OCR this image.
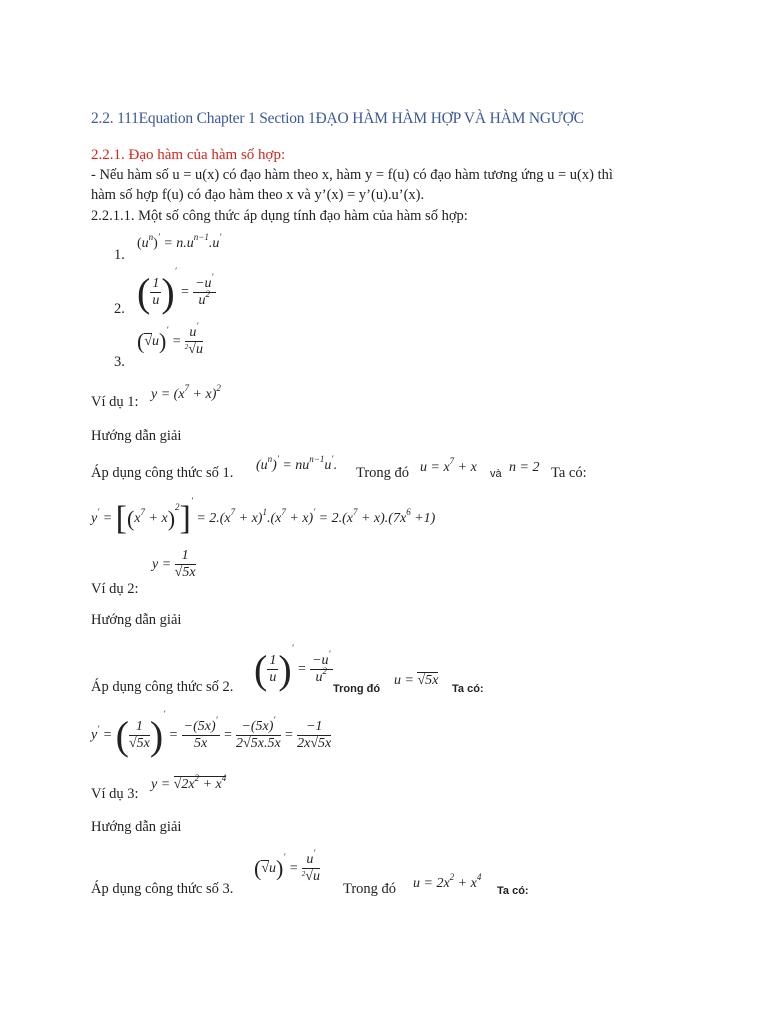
2.2. 111Equation Chapter 1 Section 1ĐẠO HÀM HÀM HỢP VÀ HÀM NGƯỢC
2.2.1. Đạo hàm của hàm số hợp:
- Nếu hàm số u = u(x) có đạo hàm theo x, hàm y = f(u) có đạo hàm tương ứng u = u(x) thì
hàm số hợp f(u) có đạo hàm theo x và y’(x) = y’(u).u’(x).
2.2.1.1. Một số công thức áp dụng tính đạo hàm của hàm số hợp:
1.
$(u^n)' = n.u^{n-1}.u'$
2. ( $\frac{1}{u} )' = \frac{-u'}{u^2}$
3.
$(√u)' = \frac{u'}{^2√u}$
Ví dụ 1: $y = (x^7 + x)^2$
Hướng dẫn giải
Áp dụng công thức số 1. $(u^n)' = nu^{n-1}u'$. Trong đó $u = x^7 + x$ và n = 2 Ta có:
$y' = [(x^7 + x)^2]' = 2.(x^7 + x)^1.(x^7 + x)' = 2.(x^7 + x).(7x^6 +1)$
$y = \frac{1}{√5x}$
Ví dụ 2:
Hướng dẫn giải
Áp dụng công thức số 2. ( $\frac{1}{u} )' = \frac{-u'}{u^2}$
Trong đó
u = √5x
Ta có:
y′ = ( $\frac{1}{√5x} )' = \frac{-(5x)'}{5x} = \frac{-(5x)'}{2√5x.5x} = \frac{-1}{2x√5x}$
Ví dụ 3:
$y = √2x^2 + x^4$
Hướng dẫn giải
Áp dụng công thức số 3.
$(√u)' = \frac{u'}{^2√u}$
Trong đó $u = 2x^2 + x^4$
Ta có:
